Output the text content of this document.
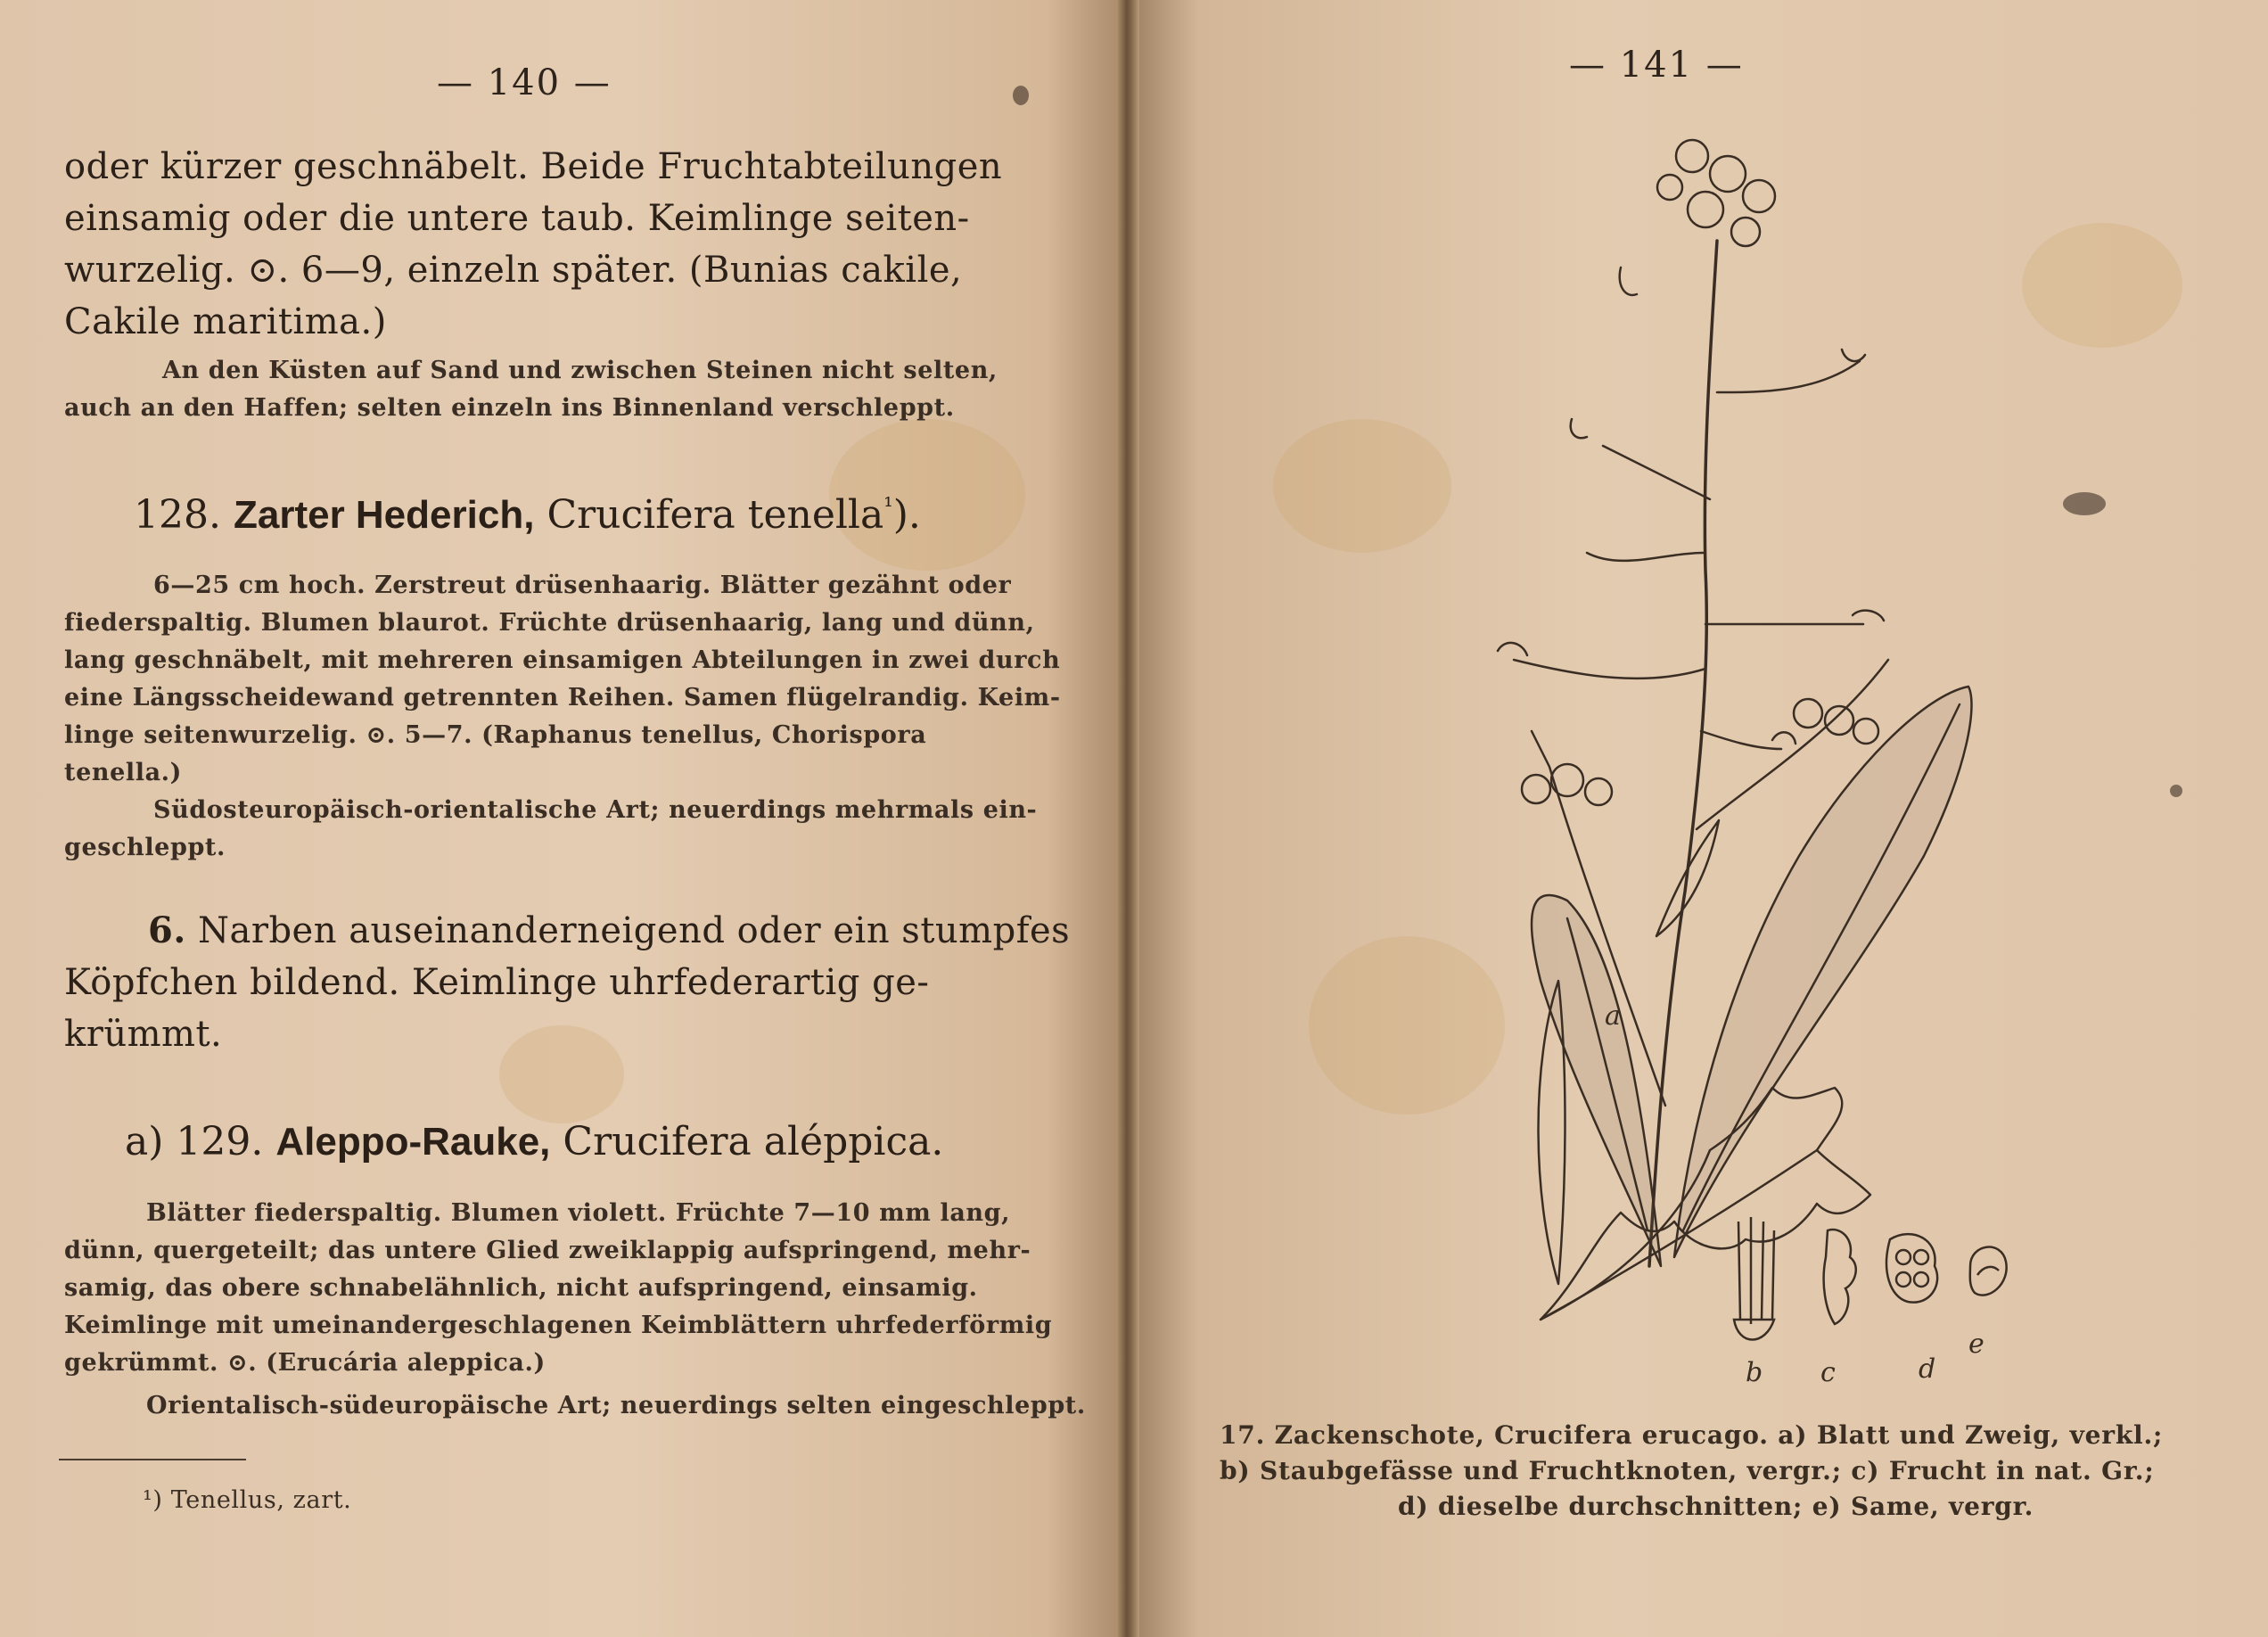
— 140 —
oder kürzer geschnäbelt. Beide Fruchtabteilungen
einsamig oder die untere taub. Keimlinge seiten-
wurzelig. ⊙. 6—9, einzeln später. (Bunias cakile,
Cakile maritima.)
An den Küsten auf Sand und zwischen Steinen nicht selten,
auch an den Haffen; selten einzeln ins Binnenland verschleppt.
128. Zarter Hederich, Crucifera tenella$^{^1}$).
6—25 cm hoch. Zerstreut drüsenhaarig. Blätter gezähnt oder
fiederspaltig. Blumen blaurot. Früchte drüsenhaarig, lang und dünn,
lang geschnäbelt, mit mehreren einsamigen Abteilungen in zwei durch
eine Längsscheidewand getrennten Reihen. Samen flügelrandig. Keim-
linge seitenwurzelig. ⊙. 5—7. (Raphanus tenellus, Chorispora
tenella.)
Südosteuropäisch-orientalische Art; neuerdings mehrmals ein-
geschleppt.
6. Narben auseinanderneigend oder ein stumpfes
Köpfchen bildend. Keimlinge uhrfederartig ge-
krümmt.
a) 129. Aleppo-Rauke, Crucifera aléppica.
Blätter fiederspaltig. Blumen violett. Früchte 7—10 mm lang,
dünn, quergeteilt; das untere Glied zweiklappig aufspringend, mehr-
samig, das obere schnabelähnlich, nicht aufspringend, einsamig.
Keimlinge mit umeinandergeschlagenen Keimblättern uhrfederförmig
gekrümmt. ⊙. (Erucária aleppica.)
Orientalisch-südeuropäische Art; neuerdings selten eingeschleppt.
¹) Tenellus, zart.
— 141 —
a
b c	d
e
17. Zackenschote, Crucifera erucago. a) Blatt und Zweig, verkl.;
b) Staubgefässe und Fruchtknoten, vergr.; c) Frucht in nat. Gr.;
d) dieselbe durchschnitten; e) Same, vergr.
